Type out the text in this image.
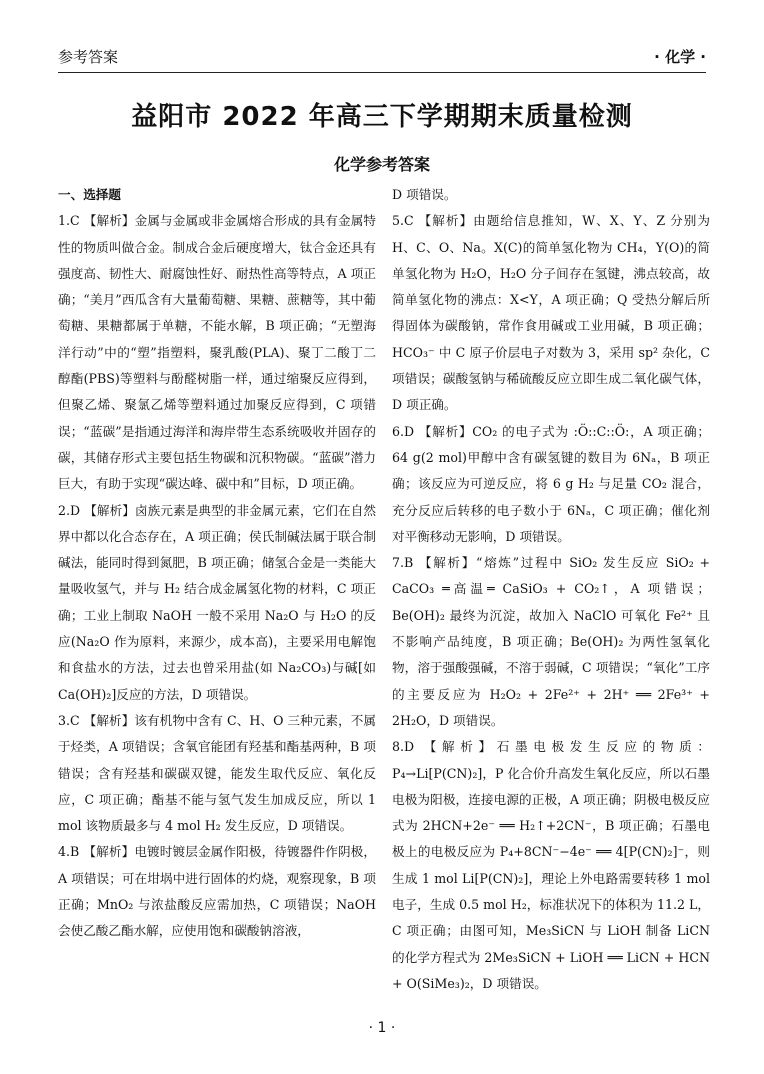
参考答案	· 化学 ·
益阳市 2022 年高三下学期期末质量检测
化学参考答案

一、选择题

1.C 【解析】金属与金属或非金属熔合形成的具有金属特性的物质叫做合金。制成合金后硬度增大，钛合金还具有强度高、韧性大、耐腐蚀性好、耐热性高等特点，A 项正确；“美月”西瓜含有大量葡萄糖、果糖、蔗糖等，其中葡萄糖、果糖都属于单糖，不能水解，B 项正确；“无塑海洋行动”中的“塑”指塑料，聚乳酸(PLA)、聚丁二酸丁二醇酯(PBS)等塑料与酚醛树脂一样，通过缩聚反应得到，但聚乙烯、聚氯乙烯等塑料通过加聚反应得到，C 项错误；“蓝碳”是指通过海洋和海岸带生态系统吸收并固存的碳，其储存形式主要包括生物碳和沉积物碳。“蓝碳”潜力巨大，有助于实现“碳达峰、碳中和”目标，D 项正确。

2.D 【解析】卤族元素是典型的非金属元素，它们在自然界中都以化合态存在，A 项正确；侯氏制碱法属于联合制碱法，能同时得到氮肥，B 项正确；储氢合金是一类能大量吸收氢气，并与 H₂ 结合成金属氢化物的材料，C 项正确；工业上制取 NaOH 一般不采用 Na₂O 与 H₂O 的反应(Na₂O 作为原料，来源少，成本高)，主要采用电解饱和食盐水的方法，过去也曾采用盐(如 Na₂CO₃)与碱[如Ca(OH)₂]反应的方法，D 项错误。

3.C 【解析】该有机物中含有 C、H、O 三种元素，不属于烃类，A 项错误；含氧官能团有羟基和酯基两种，B 项错误；含有羟基和碳碳双键，能发生取代反应、氧化反应，C 项正确；酯基不能与氢气发生加成反应，所以 1 mol 该物质最多与 4 mol H₂ 发生反应，D 项错误。

4.B 【解析】电镀时镀层金属作阳极，待镀器件作阴极，A 项错误；可在坩埚中进行固体的灼烧，观察现象，B 项正确；MnO₂ 与浓盐酸反应需加热，C 项错误；NaOH 会使乙酸乙酯水解，应使用饱和碳酸钠溶液，

D 项错误。

5.C 【解析】由题给信息推知，W、X、Y、Z 分别为 H、C、O、Na。X(C)的简单氢化物为 CH₄，Y(O)的简单氢化物为 H₂O，H₂O 分子间存在氢键，沸点较高，故简单氢化物的沸点：X<Y，A 项正确；Q 受热分解后所得固体为碳酸钠，常作食用碱或工业用碱，B 项正确；HCO₃⁻ 中 C 原子价层电子对数为 3，采用 sp² 杂化，C 项错误；碳酸氢钠与稀硫酸反应立即生成二氧化碳气体，D 项正确。

6.D 【解析】CO₂ 的电子式为 :Ö::C::Ö:，A 项正确；64 g(2 mol)甲醇中含有碳氢键的数目为 6Nₐ，B 项正确；该反应为可逆反应，将 6 g H₂ 与足量 CO₂ 混合，充分反应后转移的电子数小于 6Nₐ，C 项正确；催化剂对平衡移动无影响，D 项错误。

7.B 【解析】“熔炼”过程中 SiO₂ 发生反应 SiO₂ + CaCO₃ ═高温═ CaSiO₃ + CO₂↑，A 项错误；Be(OH)₂ 最终为沉淀，故加入 NaClO 可氧化 Fe²⁺ 且不影响产品纯度，B 项正确；Be(OH)₂ 为两性氢氧化物，溶于强酸强碱，不溶于弱碱，C 项错误；“氧化”工序的主要反应为 H₂O₂ + 2Fe²⁺ + 2H⁺ ══ 2Fe³⁺ + 2H₂O，D 项错误。

8.D 【解析】石墨电极发生反应的物质：P₄→Li[P(CN)₂]，P 化合价升高发生氧化反应，所以石墨电极为阳极，连接电源的正极，A 项正确；阴极电极反应式为 2HCN+2e⁻ ══ H₂↑+2CN⁻，B 项正确；石墨电极上的电极反应为 P₄+8CN⁻−4e⁻ ══ 4[P(CN)₂]⁻，则生成 1 mol Li[P(CN)₂]，理论上外电路需要转移 1 mol 电子，生成 0.5 mol H₂，标准状况下的体积为 11.2 L，C 项正确；由图可知，Me₃SiCN 与 LiOH 制备 LiCN 的化学方程式为 2Me₃SiCN + LiOH ══ LiCN + HCN + O(SiMe₃)₂，D 项错误。

· 1 ·
